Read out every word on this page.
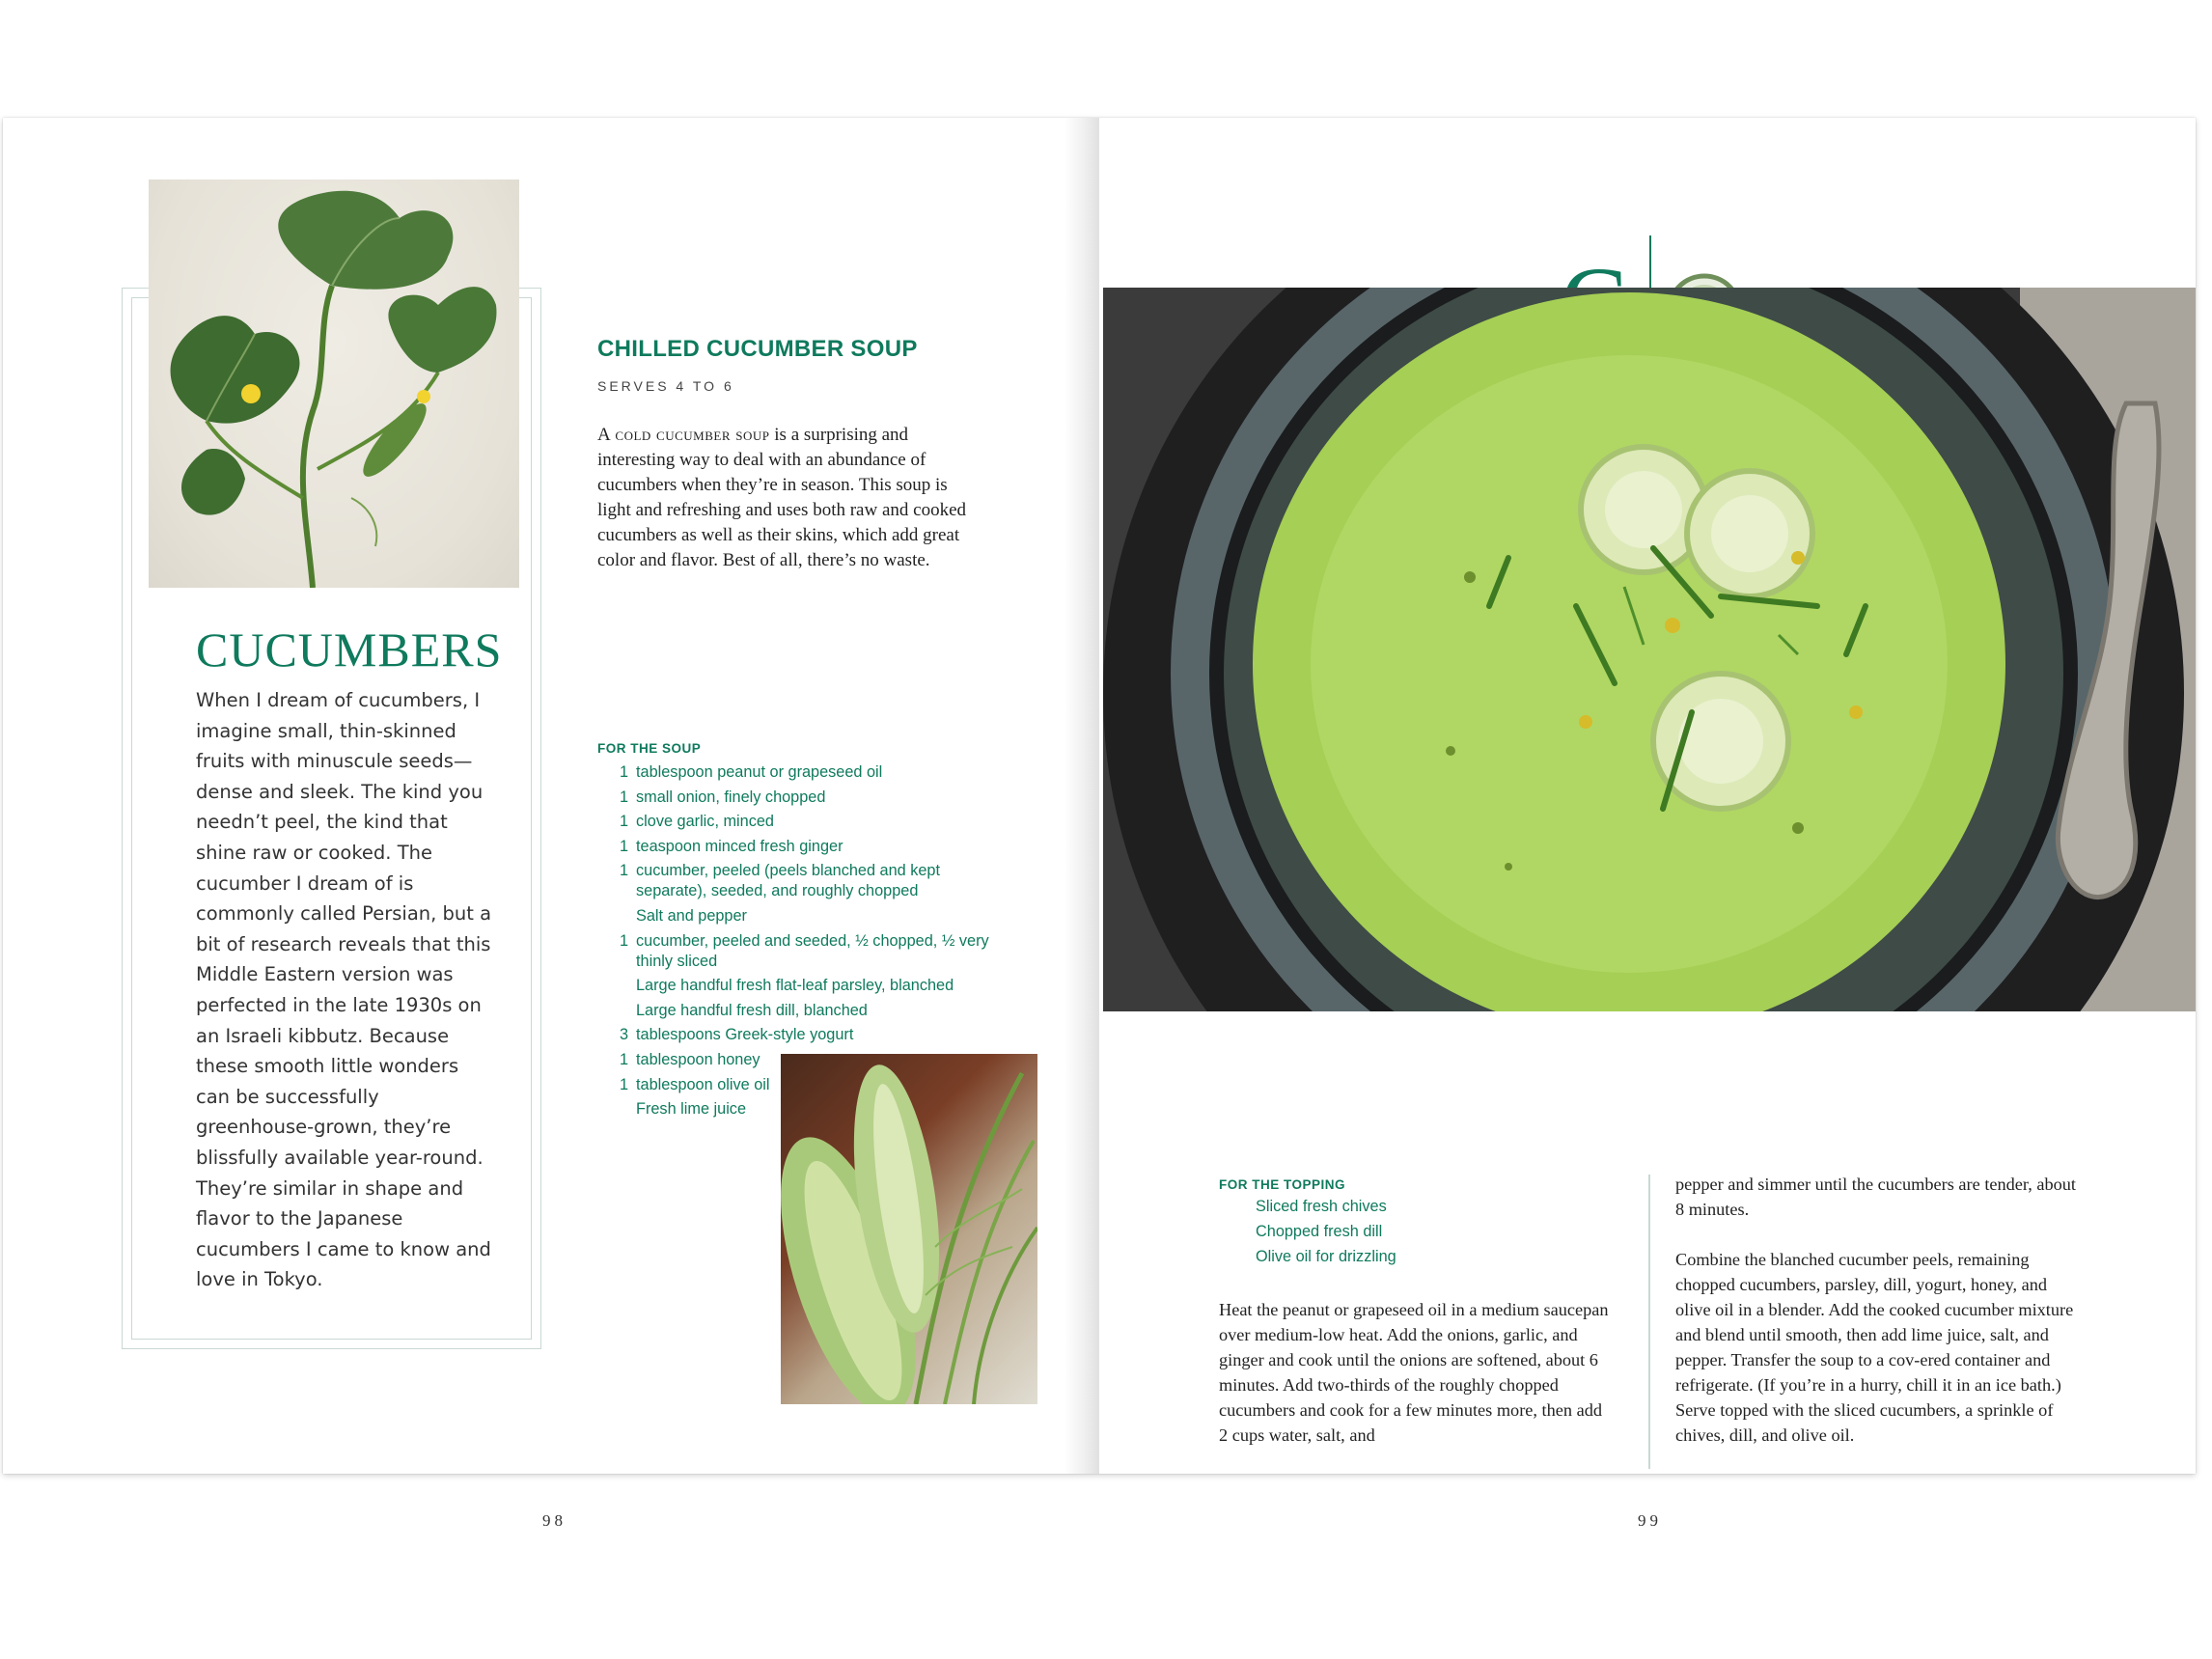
CUCUMBERS

When I dream of cucumbers, I imagine small, thin-skinned fruits with minuscule seeds—dense and sleek. The kind you needn’t peel, the kind that shine raw or cooked. The cucumber I dream of is commonly called Persian, but a bit of research reveals that this Middle Eastern version was perfected in the late 1930s on an Israeli kibbutz. Because these smooth little wonders can be successfully greenhouse-grown, they’re blissfully available year-round. They’re similar in shape and flavor to the Japanese cucumbers I came to know and love in Tokyo.

CHILLED CUCUMBER SOUP
SERVES 4 TO 6

A cold cucumber soup is a surprising and interesting way to deal with an abundance of cucumbers when they’re in season. This soup is light and refreshing and uses both raw and cooked cucumbers as well as their skins, which add great color and flavor. Best of all, there’s no waste.

FOR THE SOUP
1 tablespoon peanut or grapeseed oil
1 small onion, finely chopped
1 clove garlic, minced
1 teaspoon minced fresh ginger
1 cucumber, peeled (peels blanched and kept separate), seeded, and roughly chopped
Salt and pepper
1 cucumber, peeled and seeded, ½ chopped, ½ very thinly sliced
Large handful fresh flat-leaf parsley, blanched
Large handful fresh dill, blanched
3 tablespoons Greek-style yogurt
1 tablespoon honey
1 tablespoon olive oil
Fresh lime juice
98
FOR THE TOPPING
Sliced fresh chives
Chopped fresh dill
Olive oil for drizzling

Heat the peanut or grapeseed oil in a medium saucepan over medium-low heat. Add the onions, garlic, and ginger and cook until the onions are softened, about 6 minutes. Add two-thirds of the roughly chopped cucumbers and cook for a few minutes more, then add 2 cups water, salt, and

pepper and simmer until the cucumbers are tender, about 8 minutes.

Combine the blanched cucumber peels, remaining chopped cucumbers, parsley, dill, yogurt, honey, and olive oil in a blender. Add the cooked cucumber mixture and blend until smooth, then add lime juice, salt, and pepper. Transfer the soup to a cov-ered container and refrigerate. (If you’re in a hurry, chill it in an ice bath.) Serve topped with the sliced cucumbers, a sprinkle of chives, dill, and olive oil.

99
